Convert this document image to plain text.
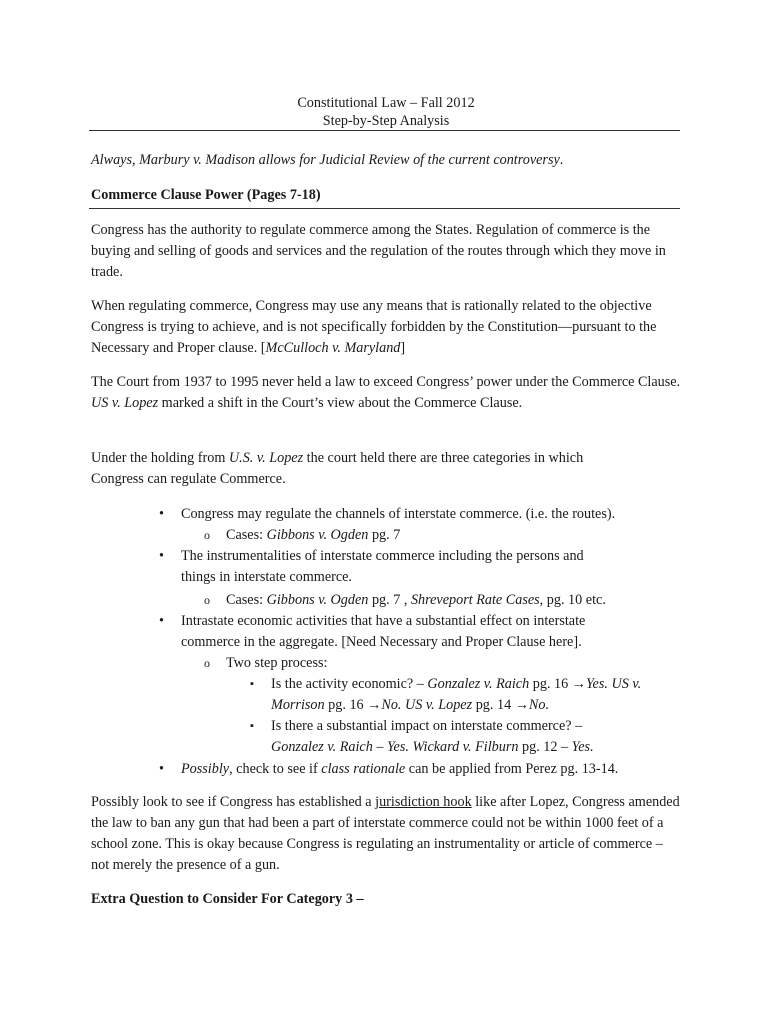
Constitutional Law – Fall 2012
Step-by-Step Analysis

Always, Marbury v. Madison allows for Judicial Review of the current controversy.

Commerce Clause Power (Pages 7-18)

Congress has the authority to regulate commerce among the States. Regulation of commerce is the buying and selling of goods and services and the regulation of the routes through which they move in trade.

When regulating commerce, Congress may use any means that is rationally related to the objective Congress is trying to achieve, and is not specifically forbidden by the Constitution—pursuant to the Necessary and Proper clause. [McCulloch v. Maryland]

The Court from 1937 to 1995 never held a law to exceed Congress’ power under the Commerce Clause. US v. Lopez marked a shift in the Court’s view about the Commerce Clause.

Under the holding from U.S. v. Lopez the court held there are three categories in which
Congress can regulate Commerce.
• Congress may regulate the channels of interstate commerce. (i.e. the routes).
o Cases: Gibbons v. Ogden pg. 7
• The instrumentalities of interstate commerce including the persons and
things in interstate commerce.
o Cases: Gibbons v. Ogden pg. 7 , Shreveport Rate Cases, pg. 10 etc.
• Intrastate economic activities that have a substantial effect on interstate
commerce in the aggregate. [Need Necessary and Proper Clause here].
o Two step process:
▪ Is the activity economic? – Gonzalez v. Raich pg. 16 →Yes. US v.
Morrison pg. 16 →No. US v. Lopez pg. 14 →No.
▪ Is there a substantial impact on interstate commerce? –
Gonzalez v. Raich – Yes. Wickard v. Filburn pg. 12 – Yes.
• Possibly, check to see if class rationale can be applied from Perez pg. 13-14.

Possibly look to see if Congress has established a jurisdiction hook like after Lopez, Congress amended the law to ban any gun that had been a part of interstate commerce could not be within 1000 feet of a school zone. This is okay because Congress is regulating an instrumentality or article of commerce – not merely the presence of a gun.

Extra Question to Consider For Category 3 –
